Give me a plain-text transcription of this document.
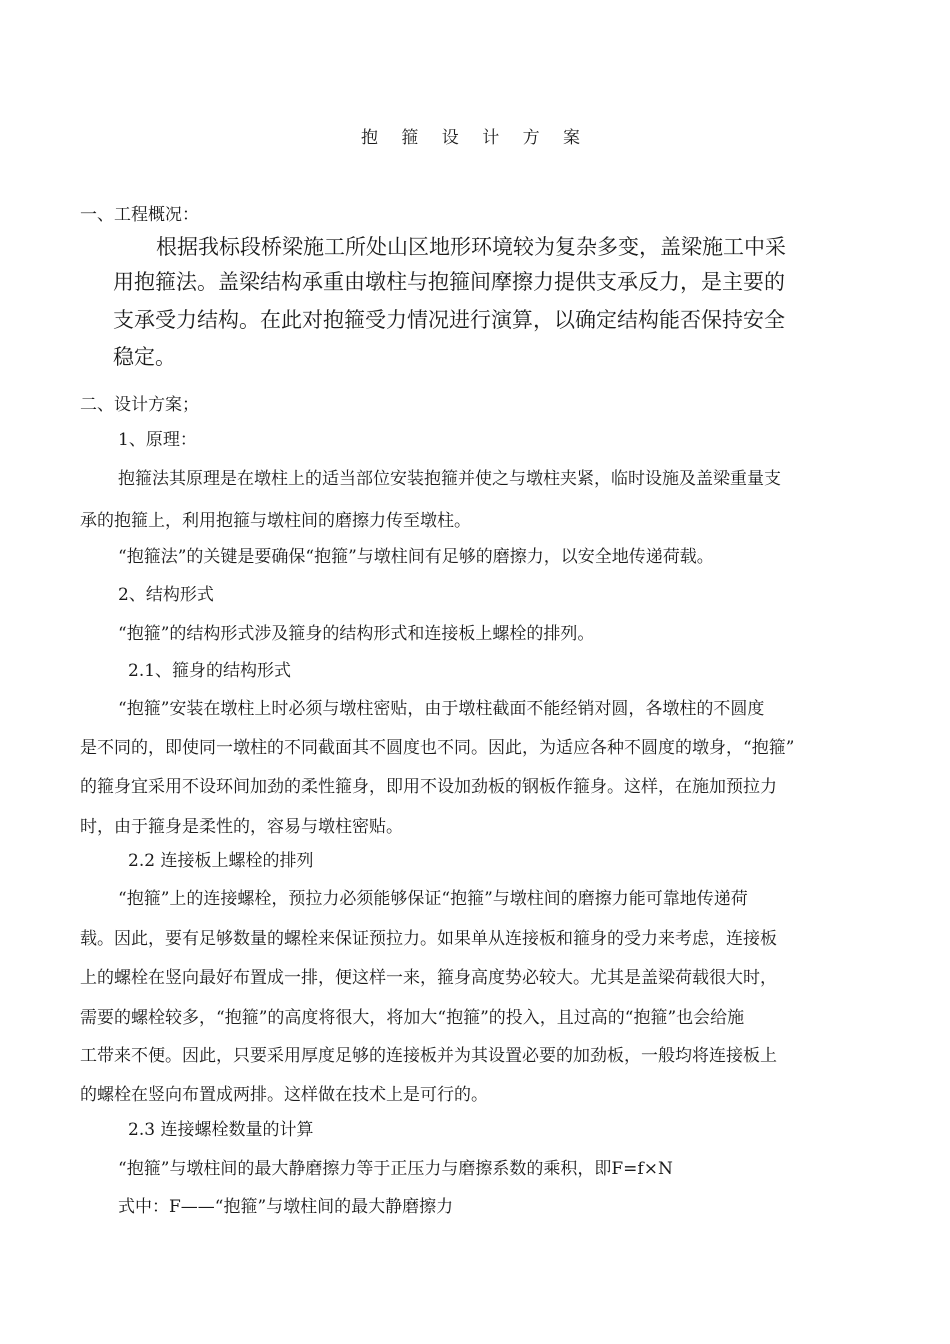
抱 箍 设 计 方 案
一、工程概况：
根据我标段桥梁施工所处山区地形环境较为复杂多变，盖梁施工中采
用抱箍法。盖梁结构承重由墩柱与抱箍间摩擦力提供支承反力，是主要的
支承受力结构。在此对抱箍受力情况进行演算，以确定结构能否保持安全
稳定。
二、设计方案；
1、原理：
抱箍法其原理是在墩柱上的适当部位安装抱箍并使之与墩柱夹紧，临时设施及盖梁重量支
承的抱箍上，利用抱箍与墩柱间的磨擦力传至墩柱。
“抱箍法”的关键是要确保“抱箍”与墩柱间有足够的磨擦力，以安全地传递荷载。
2、结构形式
“抱箍”的结构形式涉及箍身的结构形式和连接板上螺栓的排列。
2.1、箍身的结构形式
“抱箍”安装在墩柱上时必须与墩柱密贴，由于墩柱截面不能经销对圆，各墩柱的不圆度
是不同的，即使同一墩柱的不同截面其不圆度也不同。因此，为适应各种不圆度的墩身，“抱箍”
的箍身宜采用不设环间加劲的柔性箍身，即用不设加劲板的钢板作箍身。这样，在施加预拉力
时，由于箍身是柔性的，容易与墩柱密贴。
2.2 连接板上螺栓的排列
“抱箍”上的连接螺栓，预拉力必须能够保证“抱箍”与墩柱间的磨擦力能可靠地传递荷
载。因此，要有足够数量的螺栓来保证预拉力。如果单从连接板和箍身的受力来考虑，连接板
上的螺栓在竖向最好布置成一排，便这样一来，箍身高度势必较大。尤其是盖梁荷载很大时，
需要的螺栓较多，“抱箍”的高度将很大，将加大“抱箍”的投入，且过高的“抱箍”也会给施
工带来不便。因此，只要采用厚度足够的连接板并为其设置必要的加劲板，一般均将连接板上
的螺栓在竖向布置成两排。这样做在技术上是可行的。
2.3 连接螺栓数量的计算
“抱箍”与墩柱间的最大静磨擦力等于正压力与磨擦系数的乘积，即F=f×N
式中：F——“抱箍”与墩柱间的最大静磨擦力
